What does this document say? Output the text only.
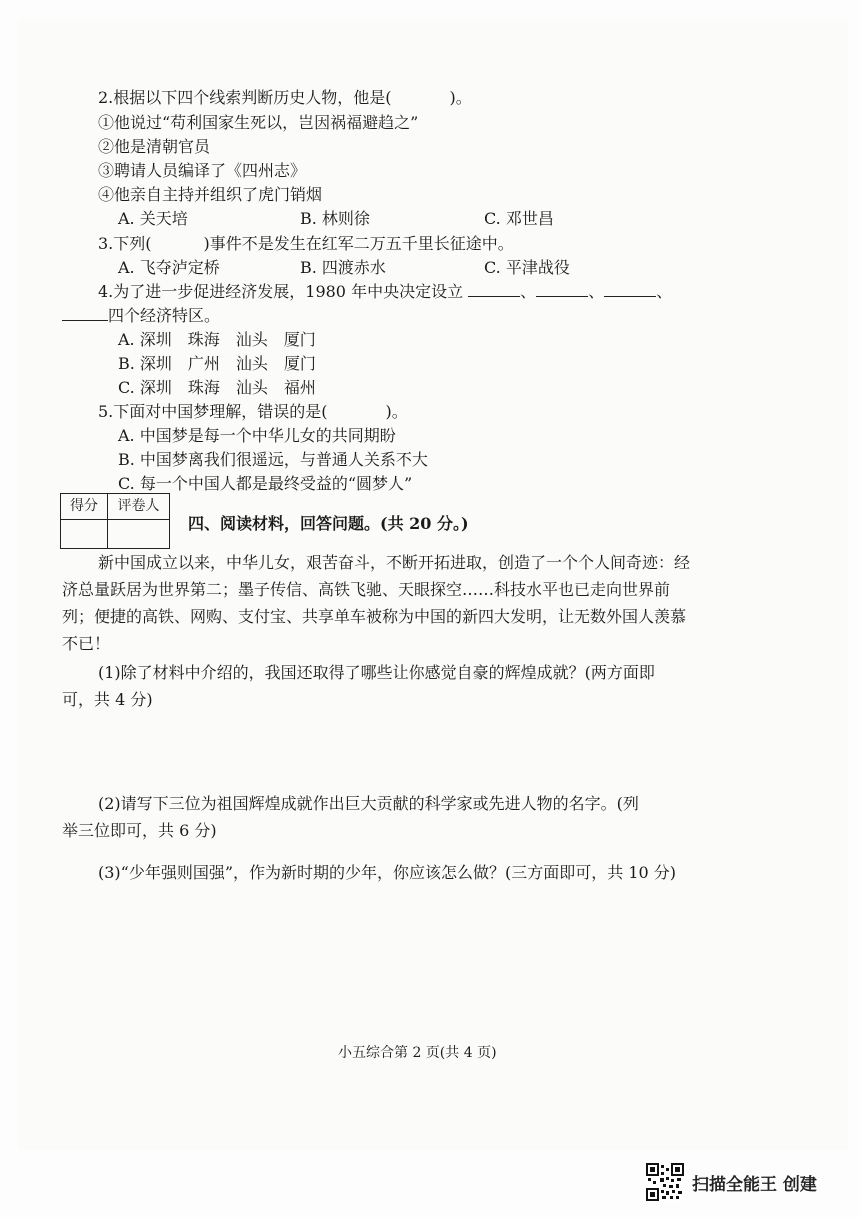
2.根据以下四个线索判断历史人物，他是(	)。
①他说过“苟利国家生死以，岂因祸福避趋之”
②他是清朝官员
③聘请人员编译了《四州志》
④他亲自主持并组织了虎门销烟
A. 关天培	B. 林则徐	C. 邓世昌
3.下列(	)事件不是发生在红军二万五千里长征途中。
A. 飞夺泸定桥	B. 四渡赤水	C. 平津战役
4.为了进一步促进经济发展，1980 年中央决定设立	、	、	、
四个经济特区。
A. 深圳　珠海　汕头　厦门
B. 深圳　广州　汕头　厦门
C. 深圳　珠海　汕头　福州
5.下面对中国梦理解，错误的是(	)。
A. 中国梦是每一个中华儿女的共同期盼
B. 中国梦离我们很遥远，与普通人关系不大
C. 每一个中国人都是最终受益的“圆梦人”
得分	评卷人
四、阅读材料，回答问题。(共 20 分。)
新中国成立以来，中华儿女，艰苦奋斗，不断开拓进取，创造了一个个人间奇迹：经
济总量跃居为世界第二；墨子传信、高铁飞驰、天眼探空……科技水平也已走向世界前
列；便捷的高铁、网购、支付宝、共享单车被称为中国的新四大发明，让无数外国人羡慕
不已！
(1)除了材料中介绍的，我国还取得了哪些让你感觉自豪的辉煌成就？(两方面即
可，共 4 分)
(2)请写下三位为祖国辉煌成就作出巨大贡献的科学家或先进人物的名字。(列
举三位即可，共 6 分)
(3)“少年强则国强”，作为新时期的少年，你应该怎么做？(三方面即可，共 10 分)
小五综合第 2 页(共 4 页)
扫描全能王 创建
